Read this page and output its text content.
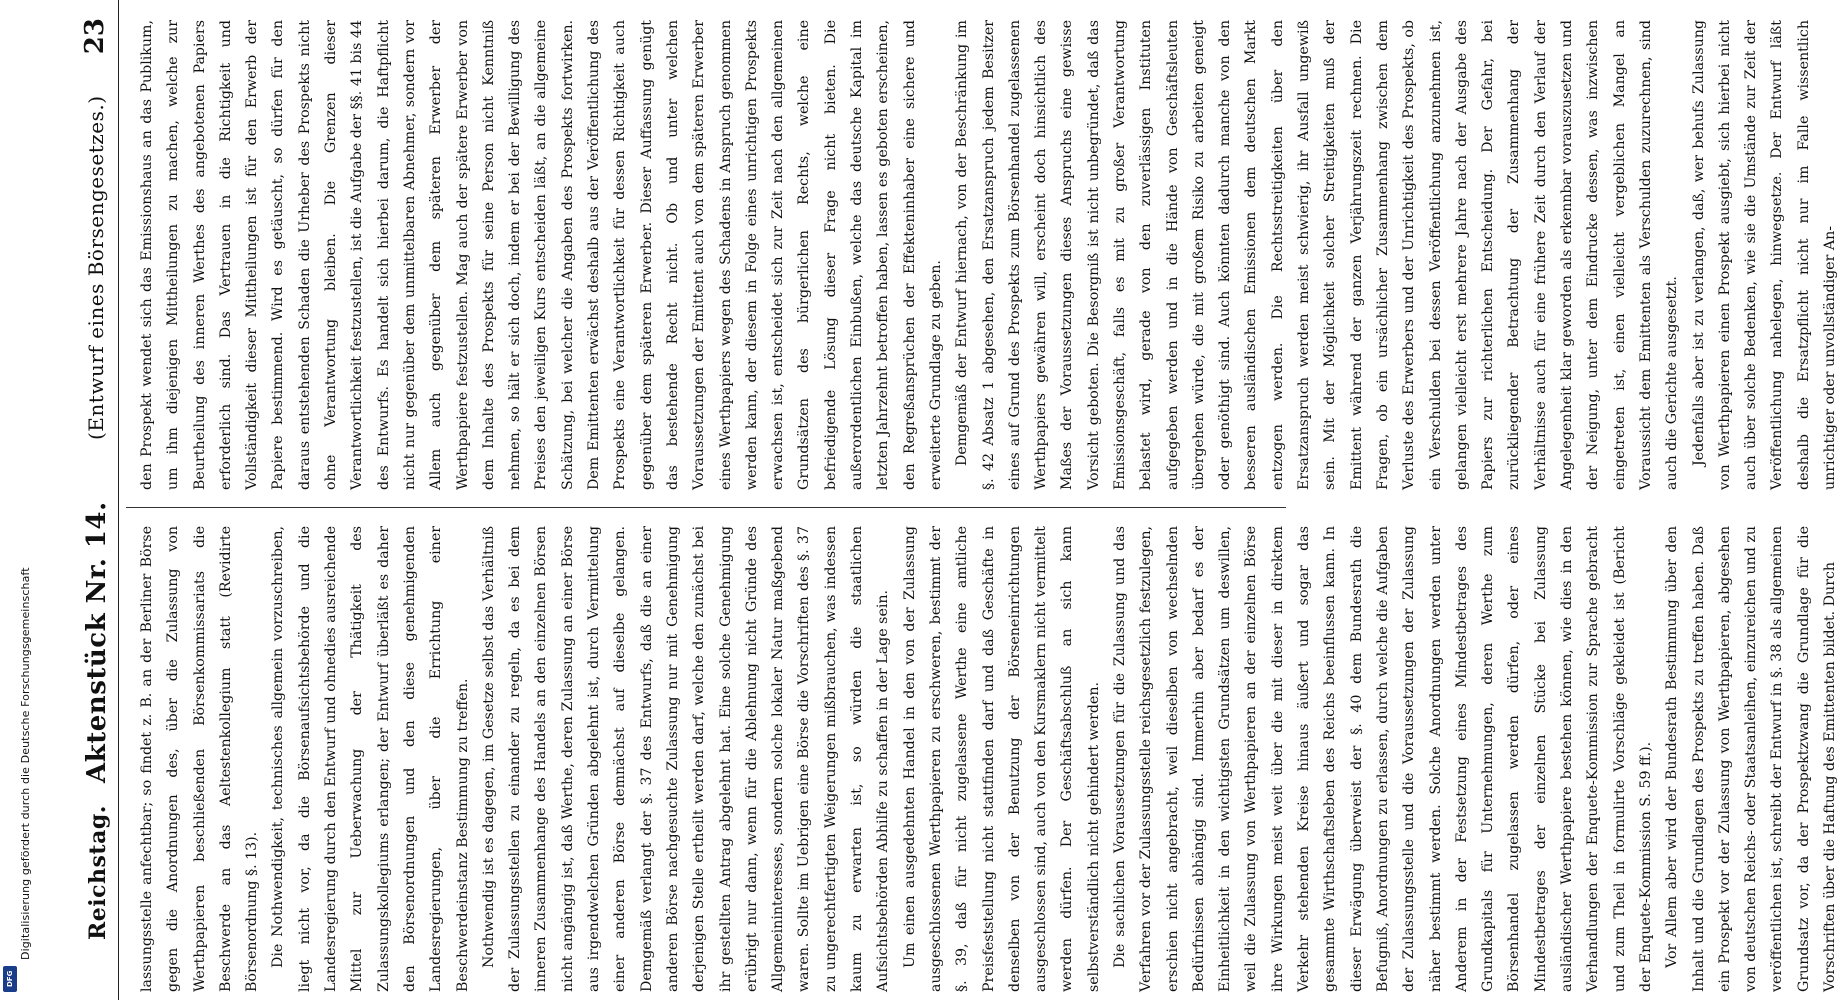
Digitalisierung gefördert durch die Deutsche Forschungsgemeinschaft
DFG
Reichstag. Aktenstück Nr. 14.
(Entwurf eines Börsengesetzes.)
23

lassungsstelle anfechtbar; so findet z. B. an der Berliner Börse gegen die Anordnungen des, über die Zulassung von Werthpapieren beschließenden Börsenkommissariats die Beschwerde an das Aeltestenkollegium statt (Revidirte Börsenordnung §. 13). Die Nothwendigkeit, technisches allgemein vorzuschreiben, liegt nicht vor, da die Börsenaufsichtsbehörde und die Landesregierung durch den Entwurf und ohnedies ausreichende Mittel zur Ueberwachung der Thätigkeit des Zulassungskollegiums erlangen; der Entwurf überläßt es daher den Börsenordnungen und den diese genehmigenden Landesregierungen, über die Errichtung einer Beschwerdeinstanz Bestimmung zu treffen. Nothwendig ist es dagegen, im Gesetze selbst das Verhältniß der Zulassungsstellen zu einander zu regeln, da es bei dem inneren Zusammenhange des Handels an den einzelnen Börsen nicht angängig ist, daß Werthe, deren Zulassung an einer Börse aus irgendwelchen Gründen abgelehnt ist, durch Vermittelung einer anderen Börse demnächst auf dieselbe gelangen. Demgemäß verlangt der §. 37 des Entwurfs, daß die an einer anderen Börse nachgesuchte Zulassung nur mit Genehmigung derjenigen Stelle ertheilt werden darf, welche den zunächst bei ihr gestellten Antrag abgelehnt hat. Eine solche Genehmigung erübrigt nur dann, wenn für die Ablehnung nicht Gründe des Allgemeininteresses, sondern solche lokaler Natur maßgebend waren. Sollte im Uebrigen eine Börse die Vorschriften des §. 37 zu ungerechtfertigten Weigerungen mißbrauchen, was indessen kaum zu erwarten ist, so würden die staatlichen Aufsichtsbehörden Abhilfe zu schaffen in der Lage sein. Um einen ausgedehnten Handel in den von der Zulassung ausgeschlossenen Werthpapieren zu erschweren, bestimmt der §. 39, daß für nicht zugelassene Werthe eine amtliche Preisfeststellung nicht stattfinden darf und daß Geschäfte in denselben von der Benutzung der Börseneinrichtungen ausgeschlossen sind, auch von den Kursmaklern nicht vermittelt werden dürfen. Der Geschäftsabschluß an sich kann selbstverständlich nicht gehindert werden. Die sachlichen Voraussetzungen für die Zulassung und das Verfahren vor der Zulassungsstelle reichsgesetzlich festzulegen, erschien nicht angebracht, weil dieselben von wechselnden Bedürfnissen abhängig sind. Immerhin aber bedarf es der Einheitlichkeit in den wichtigsten Grundsätzen um deswillen, weil die Zulassung von Werthpapieren an der einzelnen Börse ihre Wirkungen meist weit über die mit dieser in direktem Verkehr stehenden Kreise hinaus äußert und sogar das gesammte Wirthschaftsleben des Reichs beeinflussen kann. In dieser Erwägung überweist der §. 40 dem Bundesrath die Befugniß, Anordnungen zu erlassen, durch welche die Aufgaben der Zulassungsstelle und die Voraussetzungen der Zulassung näher bestimmt werden. Solche Anordnungen werden unter Anderem in der Festsetzung eines Mindestbetrages des Grundkapitals für Unternehmungen, deren Werthe zum Börsenhandel zugelassen werden dürfen, oder eines Mindestbetrages der einzelnen Stücke bei Zulassung ausländischer Werthpapiere bestehen können, wie dies in den Verhandlungen der Enquete-Kommission zur Sprache gebracht und zum Theil in formulirte Vorschläge gekleidet ist (Bericht der Enquete-Kommission S. 59 ff.). Vor Allem aber wird der Bundesrath Bestimmung über den Inhalt und die Grundlagen des Prospekts zu treffen haben. Daß ein Prospekt vor der Zulassung von Werthpapieren, abgesehen von deutschen Reichs- oder Staatsanleihen, einzureichen und zu veröffentlichen ist, schreibt der Entwurf in §. 38 als allgemeinen Grundsatz vor, da der Prospektzwang die Grundlage für die Vorschriften über die Haftung des Emittenten bildet. Durch

den Prospekt wendet sich das Emissionshaus an das Publikum, um ihm diejenigen Mittheilungen zu machen, welche zur Beurtheilung des inneren Werthes des angebotenen Papiers erforderlich sind. Das Vertrauen in die Richtigkeit und Vollständigkeit dieser Mittheilungen ist für den Erwerb der Papiere bestimmend. Wird es getäuscht, so dürfen für den daraus entstehenden Schaden die Urheber des Prospekts nicht ohne Verantwortung bleiben. Die Grenzen dieser Verantwortlichkeit festzustellen, ist die Aufgabe der §§. 41 bis 44 des Entwurfs. Es handelt sich hierbei darum, die Haftpflicht nicht nur gegenüber dem unmittelbaren Abnehmer, sondern vor Allem auch gegenüber dem späteren Erwerber der Werthpapiere festzustellen. Mag auch der spätere Erwerber von dem Inhalte des Prospekts für seine Person nicht Kenntniß nehmen, so hält er sich doch, indem er bei der Bewilligung des Preises den jeweiligen Kurs entscheiden läßt, an die allgemeine Schätzung, bei welcher die Angaben des Prospekts fortwirken. Dem Emittenten erwächst deshalb aus der Veröffentlichung des Prospekts eine Verantwortlichkeit für dessen Richtigkeit auch gegenüber dem späteren Erwerber. Dieser Auffassung genügt das bestehende Recht nicht. Ob und unter welchen Voraussetzungen der Emittent auch von dem späteren Erwerber eines Werthpapiers wegen des Schadens in Anspruch genommen werden kann, der diesem in Folge eines unrichtigen Prospekts erwachsen ist, entscheidet sich zur Zeit nach den allgemeinen Grundsätzen des bürgerlichen Rechts, welche eine befriedigende Lösung dieser Frage nicht bieten. Die außerordentlichen Einbußen, welche das deutsche Kapital im letzten Jahrzehnt betroffen haben, lassen es geboten erscheinen, den Regreßansprüchen der Effekteninhaber eine sichere und erweiterte Grundlage zu geben. Demgemäß der Entwurf hiernach, von der Beschränkung im §. 42 Absatz 1 abgesehen, den Ersatzanspruch jedem Besitzer eines auf Grund des Prospekts zum Börsenhandel zugelassenen Werthpapiers gewähren will, erscheint doch hinsichtlich des Maßes der Voraussetzungen dieses Anspruchs eine gewisse Vorsicht geboten. Die Besorgniß ist nicht unbegründet, daß das Emissionsgeschäft, falls es mit zu großer Verantwortung belastet wird, gerade von den zuverlässigen Instituten aufgegeben werden und in die Hände von Geschäftsleuten übergehen würde, die mit großem Risiko zu arbeiten geneigt oder genöthigt sind. Auch könnten dadurch manche von den besseren ausländischen Emissionen dem deutschen Markt entzogen werden. Die Rechtsstreitigkeiten über den Ersatzanspruch werden meist schwierig, ihr Ausfall ungewiß sein. Mit der Möglichkeit solcher Streitigkeiten muß der Emittent während der ganzen Verjährungszeit rechnen. Die Fragen, ob ein ursächlicher Zusammenhang zwischen dem Verluste des Erwerbers und der Unrichtigkeit des Prospekts, ob ein Verschulden bei dessen Veröffentlichung anzunehmen ist, gelangen vielleicht erst mehrere Jahre nach der Ausgabe des Papiers zur richterlichen Entscheidung. Der Gefahr, bei zurückliegender Betrachtung der Zusammenhang der Verhältnisse auch für eine frühere Zeit durch den Verlauf der Angelegenheit klar geworden als erkennbar vorauszusetzen und der Neigung, unter dem Eindrucke dessen, was inzwischen eingetreten ist, einen vielleicht vergeblichen Mangel an Voraussicht dem Emittenten als Verschulden zuzurechnen, sind auch die Gerichte ausgesetzt. Jedenfalls aber ist zu verlangen, daß, wer behufs Zulassung von Werthpapieren einen Prospekt ausgiebt, sich hierbei nicht auch über solche Bedenken, wie sie die Umstände zur Zeit der Veröffentlichung nahelegen, hinwegsetze. Der Entwurf läßt deshalb die Ersatzpflicht nicht nur im Falle wissentlich unrichtiger oder unvollständiger An-
